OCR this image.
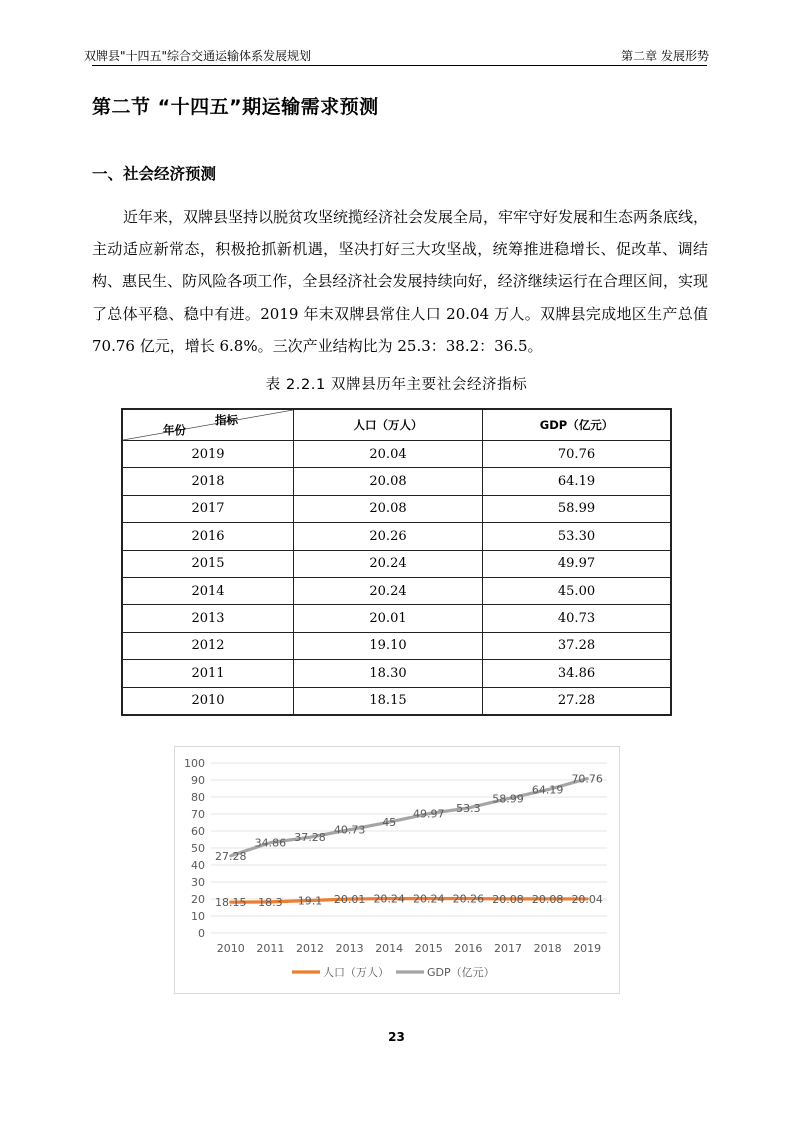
双牌县"十四五"综合交通运输体系发展规划	第二章 发展形势
第二节 “十四五”期运输需求预测
一、社会经济预测

近年来，双牌县坚持以脱贫攻坚统揽经济社会发展全局，牢牢守好发展和生态两条底线，主动适应新常态，积极抢抓新机遇，坚决打好三大攻坚战，统筹推进稳增长、促改革、调结构、惠民生、防风险各项工作，全县经济社会发展持续向好，经济继续运行在合理区间，实现了总体平稳、稳中有进。2019 年末双牌县常住人口 20.04 万人。双牌县完成地区生产总值 70.76 亿元，增长 6.8%。三次产业结构比为 25.3：38.2：36.5。

表 2.2.1 双牌县历年主要社会经济指标
指标
年份	人口（万人）	GDP（亿元）
2019	20.04	70.76
2018	20.08	64.19
2017	20.08	58.99
2016	20.26	53.30
2015	20.24	49.97
2014	20.24	45.00
2013	20.01	40.73
2012	19.10	37.28
2011	18.30	34.86
2010	18.15	27.28
0
10
20
30
40
50
60
70
80
90
100
2010 2011 2012 2013 2014 2015 2016 2017 2018 2019
18.15 18.3 19.1 20.01 20.24 20.24 20.26 20.08 20.08 20.04
27.28
34.86 37.28
40.73
45
49.97 53.3
58.99
64.19
70.76
人口（万人）	GDP（亿元）
23
